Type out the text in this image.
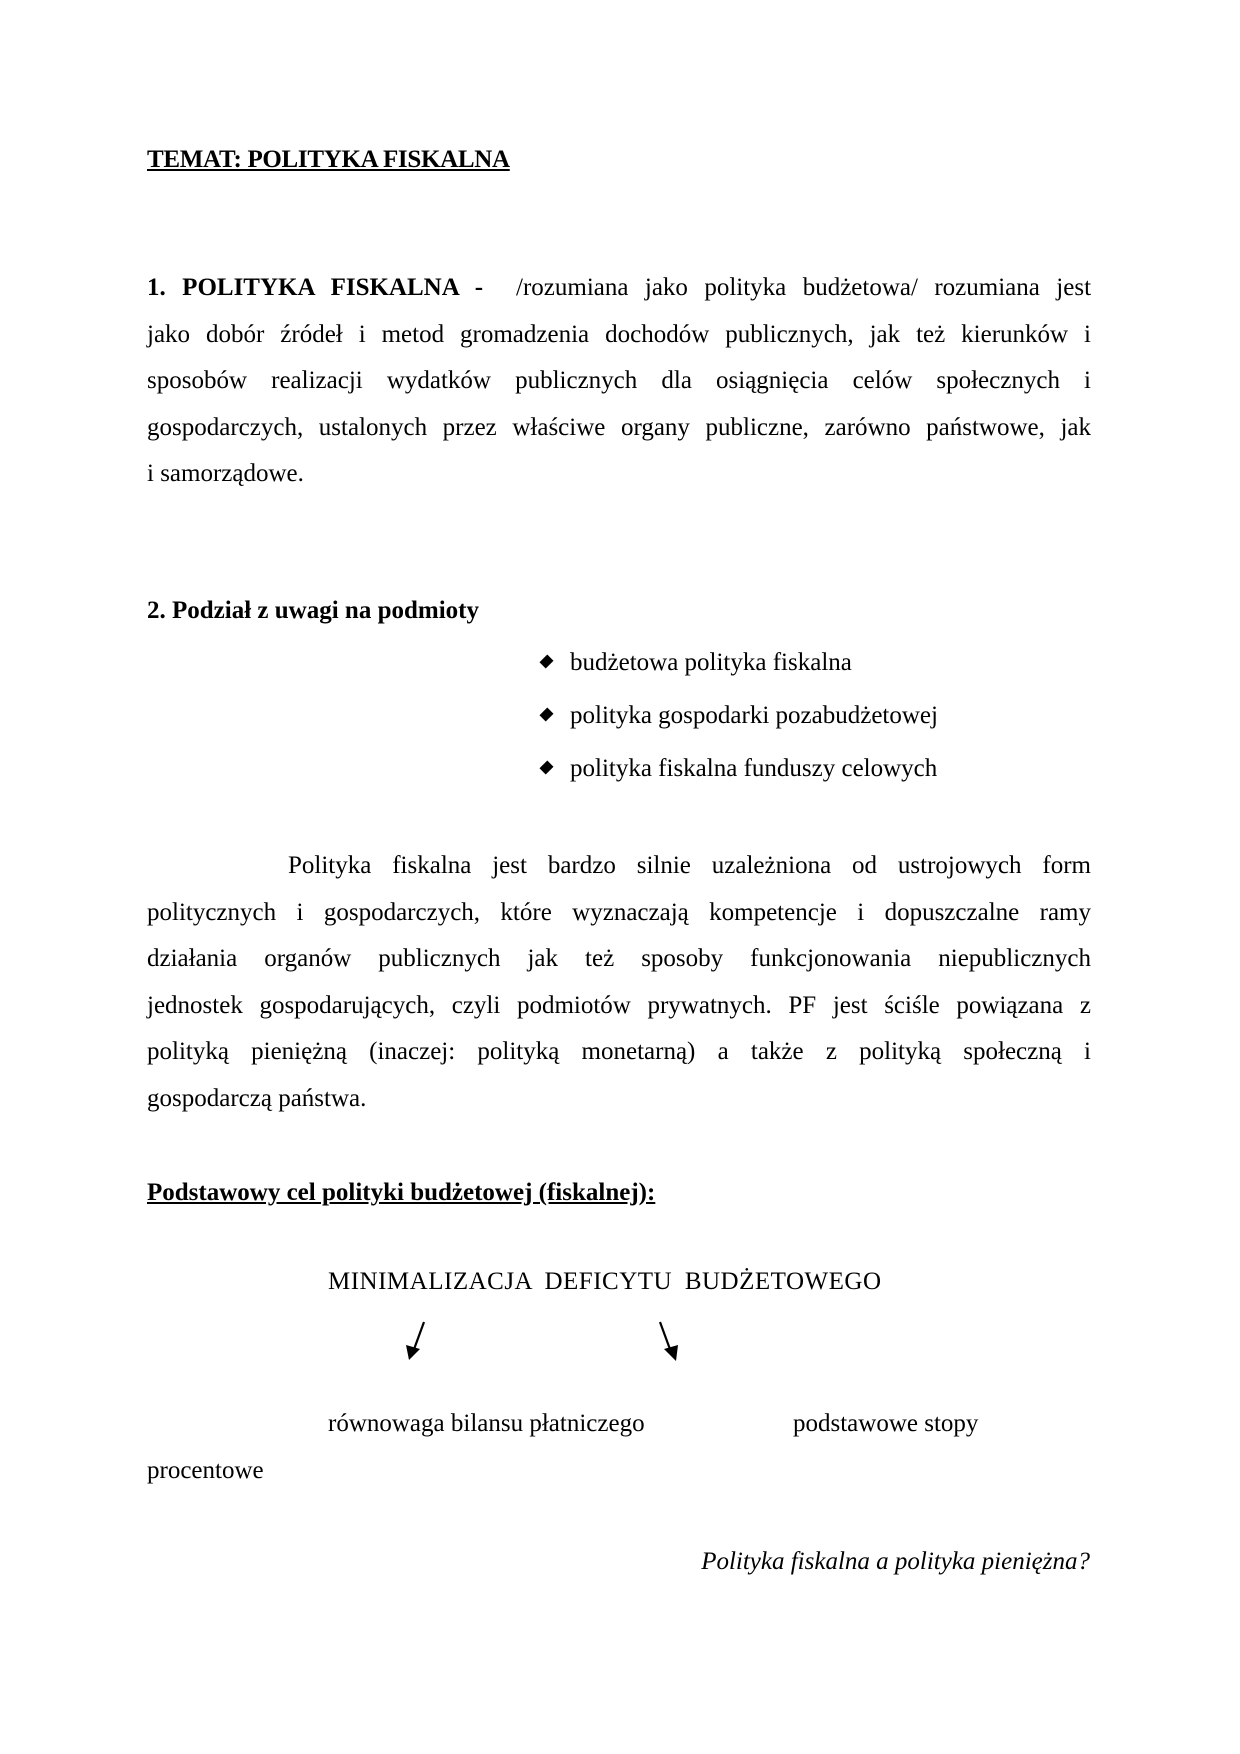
TEMAT: POLITYKA FISKALNA
1. POLITYKA FISKALNA - /rozumiana jako polityka budżetowa/ rozumiana jest
jako dobór źródeł i metod gromadzenia dochodów publicznych, jak też kierunków i
sposobów realizacji wydatków publicznych dla osiągnięcia celów społecznych i
gospodarczych, ustalonych przez właściwe organy publiczne, zarówno państwowe, jak
i samorządowe.
2. Podział z uwagi na podmioty
budżetowa polityka fiskalna
polityka gospodarki pozabudżetowej
polityka fiskalna funduszy celowych
Polityka fiskalna jest bardzo silnie uzależniona od ustrojowych form
politycznych i gospodarczych, które wyznaczają kompetencje i dopuszczalne ramy
działania organów publicznych jak też sposoby funkcjonowania niepublicznych
jednostek gospodarujących, czyli podmiotów prywatnych. PF jest ściśle powiązana z
polityką pieniężną (inaczej: polityką monetarną) a także z polityką społeczną i
gospodarczą państwa.
Podstawowy cel polityki budżetowej (fiskalnej):
MINIMALIZACJA DEFICYTU BUDŻETOWEGO
równowaga bilansu płatniczego	podstawowe stopy
procentowe
Polityka fiskalna a polityka pieniężna?
